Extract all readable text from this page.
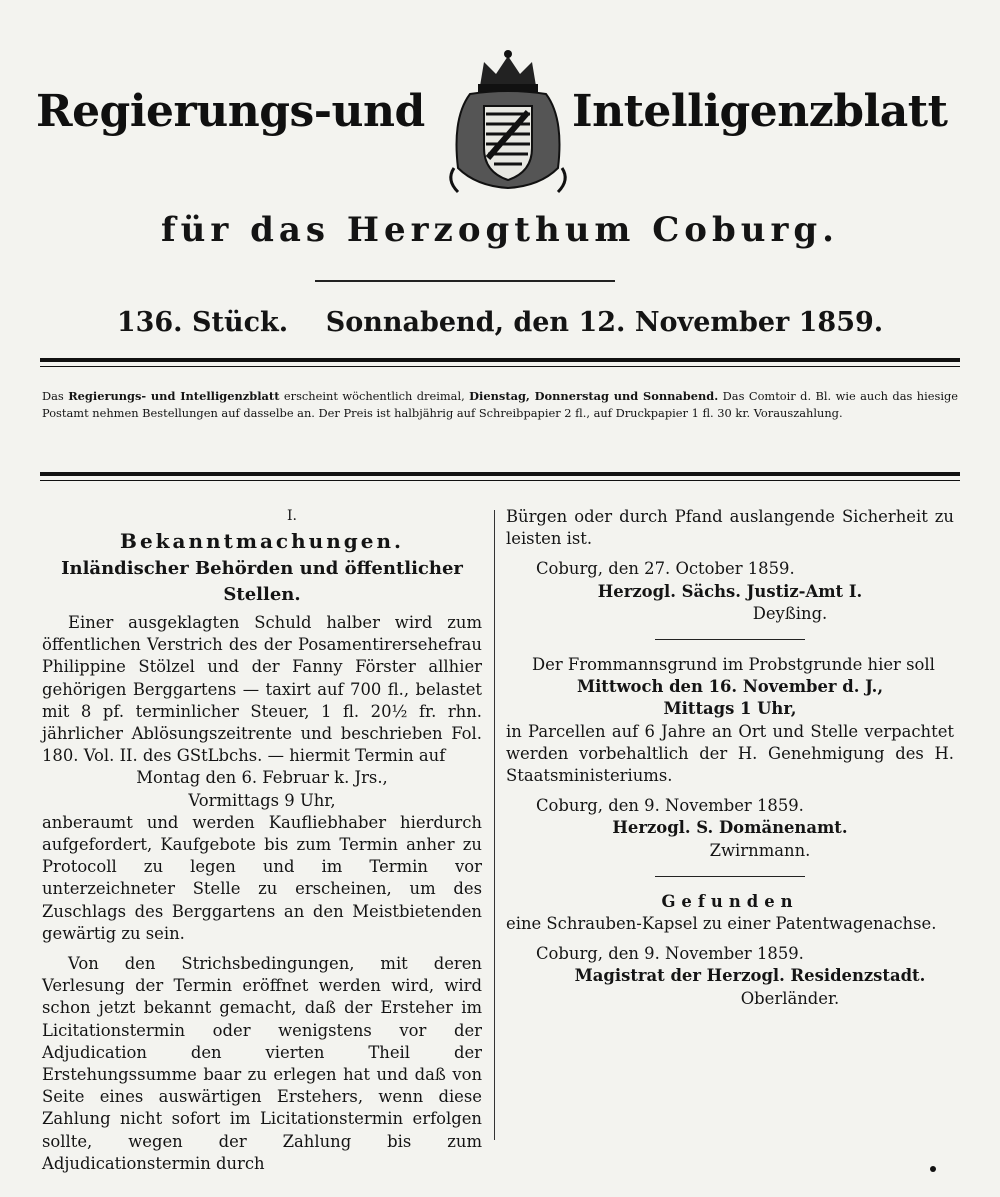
Regierungs-und	Intelligenzblatt
für das Herzogthum Coburg.
136. Stück. Sonnabend, den 12. November 1859.
Das Regierungs- und Intelligenzblatt erscheint wöchentlich dreimal, Dienstag, Donnerstag und Sonnabend. Das Comtoir d. Bl. wie auch das hiesige Postamt nehmen Bestellungen auf dasselbe an. Der Preis ist halbjährig auf Schreibpapier 2 fl., auf Druckpapier 1 fl. 30 kr. Vorauszahlung.
I.
Bekanntmachungen.
Inländischer Behörden und öffentlicher Stellen.

Einer ausgeklagten Schuld halber wird zum öffentlichen Verstrich des der Posamentirersehefrau Philippine Stölzel und der Fanny Förster allhier gehörigen Berggartens — taxirt auf 700 fl., belastet mit 8 pf. terminlicher Steuer, 1 fl. 20½ fr. rhn. jährlicher Ablösungszeitrente und beschrieben Fol. 180. Vol. II. des GStLbchs. — hiermit Termin auf

Montag den 6. Februar k. Jrs.,

Vormittags 9 Uhr,

anberaumt und werden Kaufliebhaber hierdurch aufgefordert, Kaufgebote bis zum Termin anher zu Protocoll zu legen und im Termin vor unterzeichneter Stelle zu erscheinen, um des Zuschlags des Berggartens an den Meistbietenden gewärtig zu sein.

Von den Strichsbedingungen, mit deren Verlesung der Termin eröffnet werden wird, wird schon jetzt bekannt gemacht, daß der Ersteher im Licitationstermin oder wenigstens vor der Adjudication den vierten Theil der Erstehungssumme baar zu erlegen hat und daß von Seite eines auswärtigen Erstehers, wenn diese Zahlung nicht sofort im Licitationstermin erfolgen sollte, wegen der Zahlung bis zum Adjudicationstermin durch

Bürgen oder durch Pfand auslangende Sicherheit zu leisten ist.

Coburg, den 27. October 1859.

Herzogl. Sächs. Justiz-Amt I.

Deyßing.

Der Frommannsgrund im Probstgrunde hier soll

Mittwoch den 16. November d. J.,

Mittags 1 Uhr,

in Parcellen auf 6 Jahre an Ort und Stelle verpachtet werden vorbehaltlich der H. Genehmigung des H. Staatsministeriums.

Coburg, den 9. November 1859.

Herzogl. S. Domänenamt.

Zwirnmann.

Gefunden

eine Schrauben-Kapsel zu einer Patentwagenachse.

Coburg, den 9. November 1859.

Magistrat der Herzogl. Residenzstadt.

Oberländer.
